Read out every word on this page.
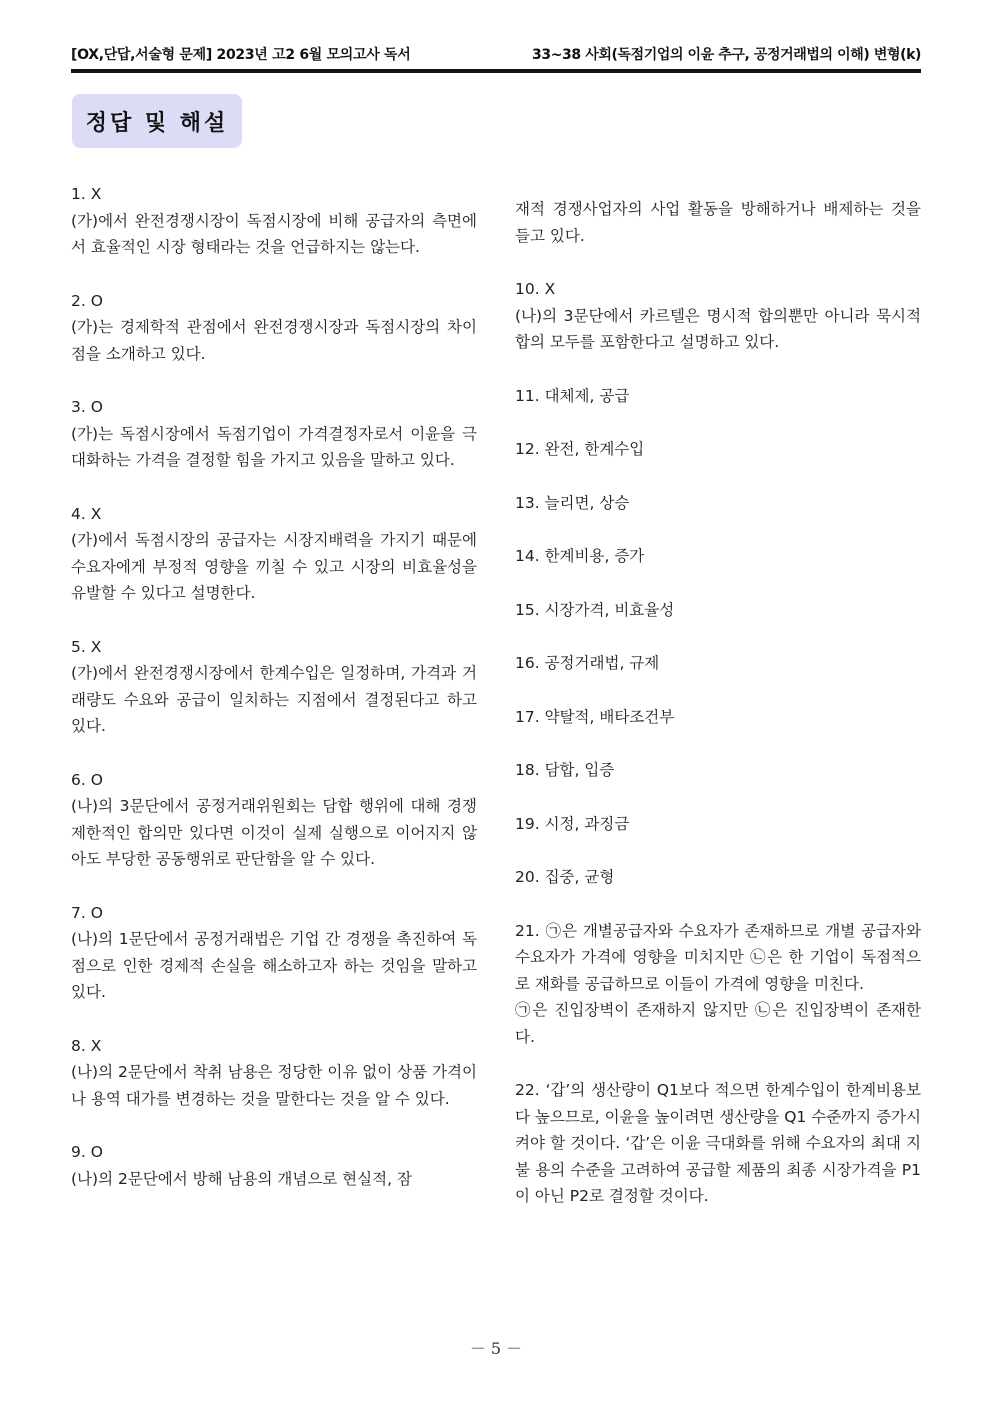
[OX,단답,서술형 문제] 2023년 고2 6월 모의고사 독서	33~38 사회(독점기업의 이윤 추구, 공정거래법의 이해) 변형(k)
정답 및 해설

1. X

(가)에서 완전경쟁시장이 독점시장에 비해 공급자의 측면에서 효율적인 시장 형태라는 것을 언급하지는 않는다.

2. O

(가)는 경제학적 관점에서 완전경쟁시장과 독점시장의 차이점을 소개하고 있다.

3. O

(가)는 독점시장에서 독점기업이 가격결정자로서 이윤을 극대화하는 가격을 결정할 힘을 가지고 있음을 말하고 있다.

4. X

(가)에서 독점시장의 공급자는 시장지배력을 가지기 때문에 수요자에게 부정적 영향을 끼칠 수 있고 시장의 비효율성을 유발할 수 있다고 설명한다.

5. X

(가)에서 완전경쟁시장에서 한계수입은 일정하며, 가격과 거래량도 수요와 공급이 일치하는 지점에서 결정된다고 하고 있다.

6. O

(나)의 3문단에서 공정거래위원회는 담합 행위에 대해 경쟁 제한적인 합의만 있다면 이것이 실제 실행으로 이어지지 않아도 부당한 공동행위로 판단함을 알 수 있다.

7. O

(나)의 1문단에서 공정거래법은 기업 간 경쟁을 촉진하여 독점으로 인한 경제적 손실을 해소하고자 하는 것임을 말하고 있다.

8. X

(나)의 2문단에서 착취 남용은 정당한 이유 없이 상품 가격이나 용역 대가를 변경하는 것을 말한다는 것을 알 수 있다.

9. O

(나)의 2문단에서 방해 남용의 개념으로 현실적, 잠

재적 경쟁사업자의 사업 활동을 방해하거나 배제하는 것을 들고 있다.

10. X

(나)의 3문단에서 카르텔은 명시적 합의뿐만 아니라 묵시적 합의 모두를 포함한다고 설명하고 있다.

11. 대체제, 공급

12. 완전, 한계수입

13. 늘리면, 상승

14. 한계비용, 증가

15. 시장가격, 비효율성

16. 공정거래법, 규제

17. 약탈적, 배타조건부

18. 담합, 입증

19. 시정, 과징금

20. 집중, 균형

21. ㉠은 개별공급자와 수요자가 존재하므로 개별 공급자와 수요자가 가격에 영향을 미치지만 ㉡은 한 기업이 독점적으로 재화를 공급하므로 이들이 가격에 영향을 미친다.

㉠은 진입장벽이 존재하지 않지만 ㉡은 진입장벽이 존재한다.

22. ‘갑’의 생산량이 Q1보다 적으면 한계수입이 한계비용보다 높으므로, 이윤을 높이려면 생산량을 Q1 수준까지 증가시켜야 할 것이다. ‘갑’은 이윤 극대화를 위해 수요자의 최대 지불 용의 수준을 고려하여 공급할 제품의 최종 시장가격을 P1이 아닌 P2로 결정할 것이다.

－ 5 －
